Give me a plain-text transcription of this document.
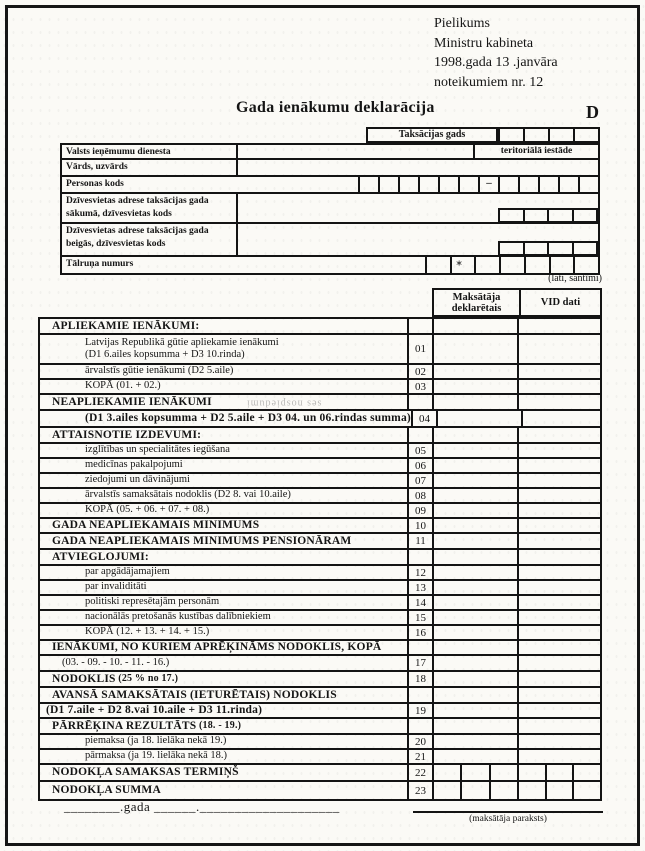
Pielikums
Ministru kabineta
1998.gada 13 .janvāra
noteikumiem nr. 12
Gada ienākumu deklarācija	D
Taksācijas gads
Valsts ieņēmumu dienesta	teritoriālā iestāde
Vārds, uzvārds
Personas kods	–
Dzīvesvietas adrese taksācijas gada
sākumā, dzīvesvietas kods
Dzīvesvietas adrese taksācijas gada
beigās, dzīvesvietas kods
Tālruņa numurs	✶
(lati, santīmi)
Maksātāja deklarētais	VID dati
APLIEKAMIE IENĀKUMI:
Latvijas Republikā gūtie apliekamie ienākumi
(D1 6.ailes kopsumma + D3 10.rinda)	01
ārvalstīs gūtie ienākumi (D2 5.aile)	02
KOPĀ (01. + 02.)	03
NEAPLIEKAMIE IENĀKUMI	ses nospiedumi
(D1 3.ailes kopsumma + D2 5.aile + D3 04. un 06.rindas summa) 04
ATTAISNOTIE IZDEVUMI:
izglītības un specialitātes iegūšana	05
medicīnas pakalpojumi	06
ziedojumi un dāvinājumi	07
ārvalstīs samaksātais nodoklis (D2 8. vai 10.aile)	08
KOPĀ (05. + 06. + 07. + 08.)	09
GADA NEAPLIEKAMAIS MINIMUMS	10
GADA NEAPLIEKAMAIS MINIMUMS PENSIONĀRAM	11
ATVIEGLOJUMI:
par apgādājamajiem	12
par invaliditāti	13
politiski represētajām personām	14
nacionālās pretošanās kustības dalībniekiem	15
KOPĀ (12. + 13. + 14. + 15.)	16
IENĀKUMI, NO KURIEM APRĒĶINĀMS NODOKLIS, KOPĀ
(03. - 09. - 10. - 11. - 16.)	17
NODOKLIS (25 % no 17.)	18
AVANSĀ SAMAKSĀTAIS (IETURĒTAIS) NODOKLIS
(D1 7.aile + D2 8.vai 10.aile + D3 11.rinda)	19
PĀRRĒĶINA REZULTĀTS (18. - 19.)
piemaksa (ja 18. lielāka nekā 19.)	20
pārmaksa (ja 19. lielāka nekā 18.)	21
NODOKĻA SAMAKSAS TERMIŅŠ	22
NODOKĻA SUMMA	23
________.gada ______.____________________
(maksātāja paraksts)
